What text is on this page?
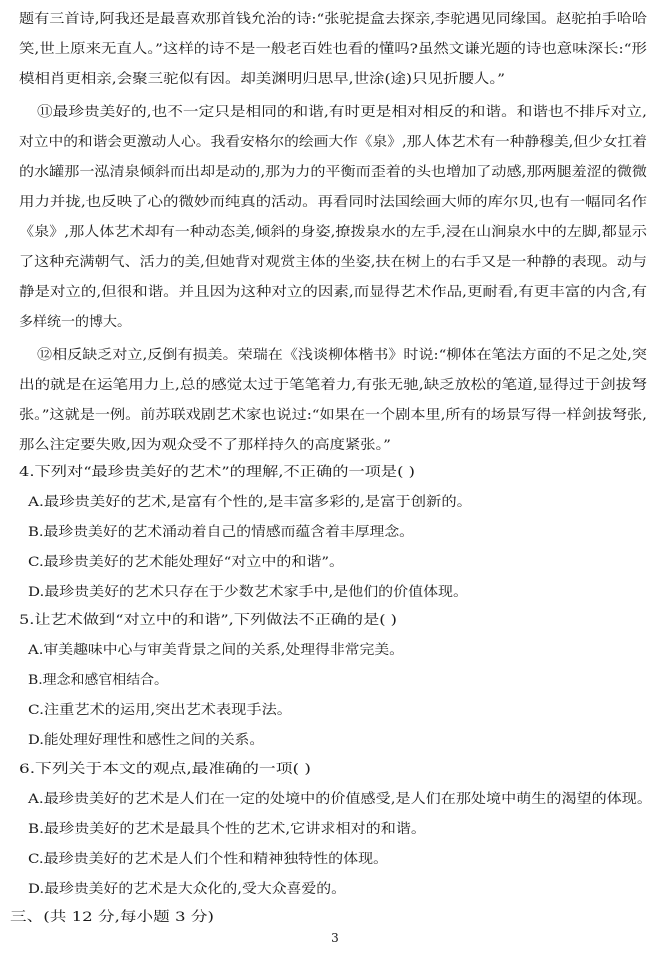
题有三首诗,阿我还是最喜欢那首钱允治的诗:“张驼提盒去探亲,李驼遇见同缘国。赵驼拍手哈哈
笑,世上原来无直人。”这样的诗不是一般老百姓也看的懂吗?虽然文谦光题的诗也意味深长:“形
模相肖更相亲,会聚三驼似有因。却美渊明归思早,世涂(途)只见折腰人。”
⑪最珍贵美好的,也不一定只是相同的和谐,有时更是相对相反的和谐。和谐也不排斥对立,
对立中的和谐会更激动人心。我看安格尔的绘画大作《泉》,那人体艺术有一种静穆美,但少女扛着
的水罐那一泓清泉倾斜而出却是动的,那为力的平衡而歪着的头也增加了动感,那两腿羞涩的微微
用力并拢,也反映了心的微妙而纯真的活动。再看同时法国绘画大师的库尔贝,也有一幅同名作
《泉》,那人体艺术却有一种动态美,倾斜的身姿,撩拨泉水的左手,浸在山涧泉水中的左脚,都显示
了这种充满朝气、活力的美,但她背对观赏主体的坐姿,扶在树上的右手又是一种静的表现。动与
静是对立的,但很和谐。并且因为这种对立的因素,而显得艺术作品,更耐看,有更丰富的内含,有
多样统一的博大。
⑫相反缺乏对立,反倒有损美。荣瑞在《浅谈柳体楷书》时说:“柳体在笔法方面的不足之处,突
出的就是在运笔用力上,总的感觉太过于笔笔着力,有张无驰,缺乏放松的笔道,显得过于剑拔弩
张。”这就是一例。前苏联戏剧艺术家也说过:“如果在一个剧本里,所有的场景写得一样剑拔弩张,
那么注定要失败,因为观众受不了那样持久的高度紧张。”
4.下列对“最珍贵美好的艺术”的理解,不正确的一项是( )
A.最珍贵美好的艺术,是富有个性的,是丰富多彩的,是富于创新的。
B.最珍贵美好的艺术涌动着自己的情感而蕴含着丰厚理念。
C.最珍贵美好的艺术能处理好“对立中的和谐”。
D.最珍贵美好的艺术只存在于少数艺术家手中,是他们的价值体现。
5.让艺术做到“对立中的和谐”,下列做法不正确的是( )
A.审美趣味中心与审美背景之间的关系,处理得非常完美。
B.理念和感官相结合。
C.注重艺术的运用,突出艺术表现手法。
D.能处理好理性和感性之间的关系。
6.下列关于本文的观点,最准确的一项( )
A.最珍贵美好的艺术是人们在一定的处境中的价值感受,是人们在那处境中萌生的渴望的体现。
B.最珍贵美好的艺术是最具个性的艺术,它讲求相对的和谐。
C.最珍贵美好的艺术是人们个性和精神独特性的体现。
D.最珍贵美好的艺术是大众化的,受大众喜爱的。
三、(共 12 分,每小题 3 分)
3
